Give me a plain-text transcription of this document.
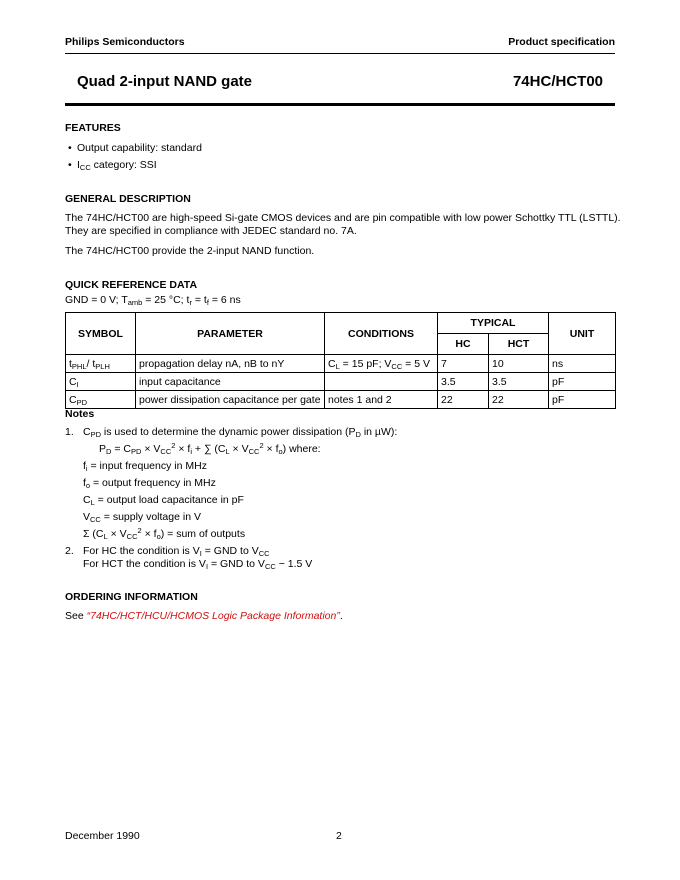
Philips Semiconductors	Product specification
Quad 2-input NAND gate	74HC/HCT00
FEATURES
• Output capability: standard
• $I_{CC}$ category: SSI
GENERAL DESCRIPTION
The 74HC/HCT00 are high-speed Si-gate CMOS devices and are pin compatible with low power Schottky TTL (LSTTL).
They are specified in compliance with JEDEC standard no. 7A.
The 74HC/HCT00 provide the 2-input NAND function.
QUICK REFERENCE DATA
GND = 0 V; $T_{amb} = 25$ °C; $t_r = t_f = 6$ ns
SYMBOL	PARAMETER	CONDITIONS	TYPICAL		UNIT
			HC	HCT	
$t_{PHL}/$ $t_{PLH}$	propagation delay nA, nB to nY	$C_L = 15$ pF; $V_{CC} = 5$ V	7	10	ns
$C_I$	input capacitance		3.5	3.5	pF
$C_{PD}$	power dissipation capacitance per gate	notes 1 and 2	22	22	pF
Notes
1. $C_{PD}$ is used to determine the dynamic power dissipation ($P_D$ in µW):
$P_D = C_{PD} \times V_{CC}^2 \times f_i$ + ∑ $(C_L \times V_{CC}^2 \times f_o)$ where:
$f_i$ = input frequency in MHz
$f_o$ = output frequency in MHz
$C_L$ = output load capacitance in pF
$V_{CC}$ = supply voltage in V
Σ $(C_L \times V_{CC}^2 \times f_o)$ = sum of outputs
2. For HC the condition is $V_I$ = GND to $V_{CC}$
For HCT the condition is $V_I$ = GND to $V_{CC} - 1.5$ V
ORDERING INFORMATION
See “74HC/HCT/HCU/HCMOS Logic Package Information”.
December 1990	2
